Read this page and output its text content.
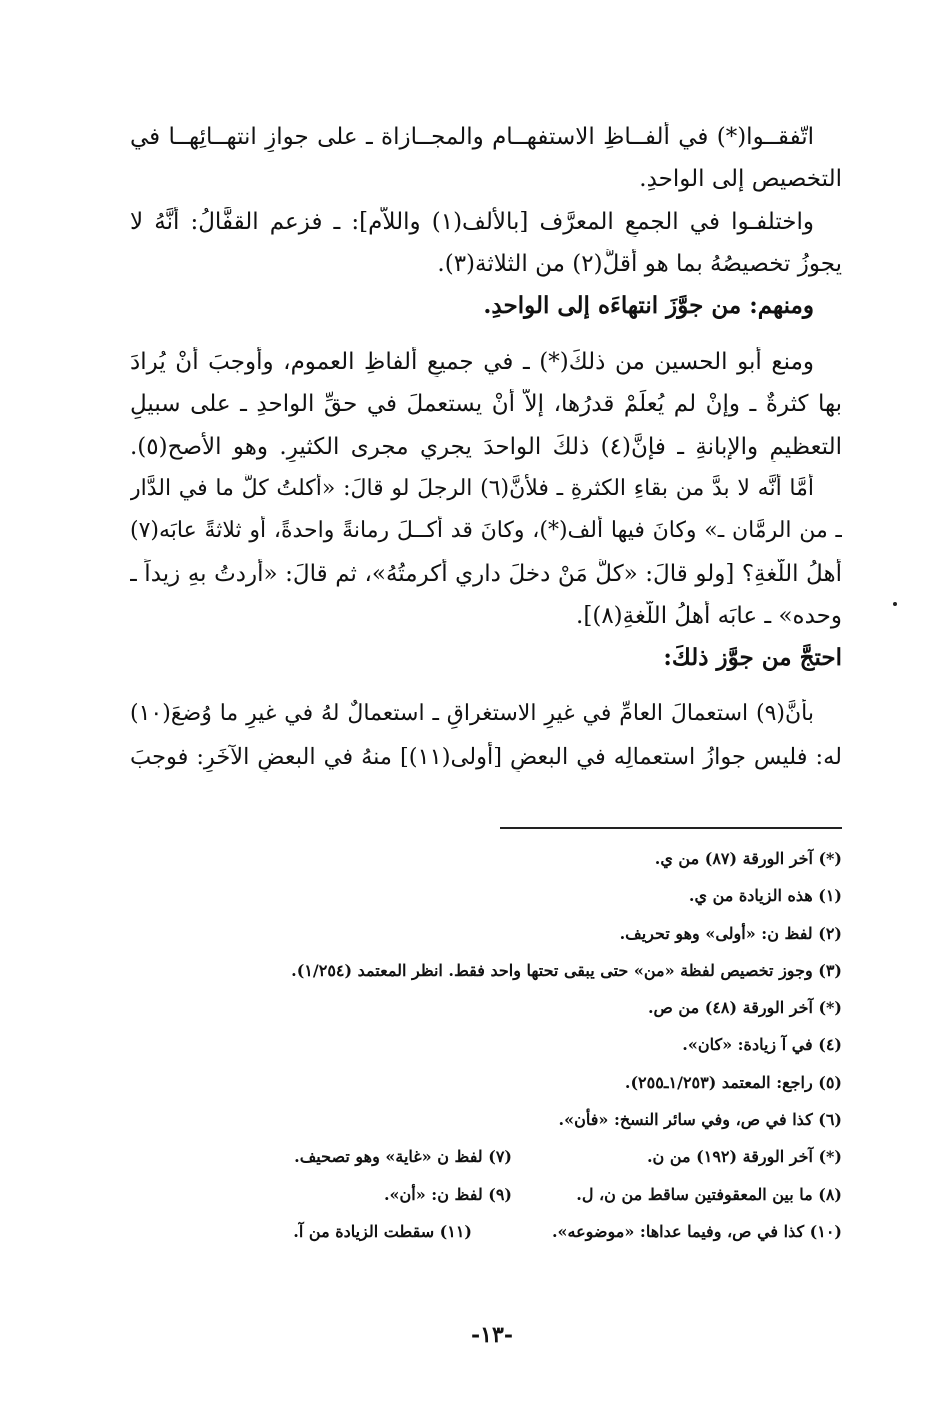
اتّفقــوا(*) في ألفــاظِ الاستفهــام والمجــازاة ـ على جوازِ انتهــائِهــا في
التخصيص إلى الواحدِ.
واختلفـوا في الجمعِ المعرَّف [بالألف(١) واللاَّم]: ـ فزعم القفَّالُ: أنَّهُ لا
يجوزُ تخصيصُهُ بما هو أقلُّ(٢) من الثلاثة(٣).
ومنهم: من جوَّزَ انتهاءَه إلى الواحدِ.
ومنع أبو الحسين من ذلكَ(*) ـ في جميعِ ألفاظِ العموم، وأوجبَ أنْ يُرادَ
بها كثرةٌ ـ وإنْ لم يُعلَمْ قدرُها، إلاَّ أنْ يستعملَ في حقِّ الواحدِ ـ على سبيلِ
التعظيمِ والإبانةِ ـ فإنَّ(٤) ذلكَ الواحدَ يجري مجرى الكثيرِ. وهو الأصح(٥).
أمَّا أنَّه لا بدَّ من بقاءِ الكثرةِ ـ فلأنَّ(٦) الرجلَ لو قالَ: «أكلتُ كلَّ ما في الدَّار
ـ من الرمَّان ـ» وكانَ فيها ألف(*)، وكانَ قد أكــلَ رمانةً واحدةً، أو ثلاثةً عابَه(٧)
أهلُ اللُّغةِ؟ [ولو قالَ: «كلُّ مَنْ دخلَ داري أكرمتُهُ»، ثم قالَ: «أردتُ بهِ زيداً ـ
وحده» ـ عابَه أهلُ اللُّغةِ(٨)].
احتجَّ من جوَّز ذلكَ:
بأنَّ(٩) استعمالَ العامِّ في غيرِ الاستغراقِ ـ استعمالٌ لهُ في غيرِ ما وُضعَ(١٠)
له: فليس جوازُ استعمالِه في البعضِ [أولى(١١)] منهُ في البعضِ الآخَرِ: فوجبَ
(*) آخر الورقة (٨٧) من ي.
(١) هذه الزيادة من ي.
(٢) لفظ ن: «أولى» وهو تحريف.
(٣) وجوز تخصيص لفظة «من» حتى يبقى تحتها واحد فقط. انظر المعتمد (١/٢٥٤).
(*) آخر الورقة (٤٨) من ص.
(٤) في آ زيادة: «كان».
(٥) راجع: المعتمد (١/٢٥٣ـ٢٥٥).
(٦) كذا في ص، وفي سائر النسخ: «فأن».
(*) آخر الورقة (١٩٢) من ن.
(٧) لفظ ن «غاية» وهو تصحيف.
(٨) ما بين المعقوفتين ساقط من ن، ل.
(٩) لفظ ن: «أن».
(١٠) كذا في ص، وفيما عداها: «موضوعه».
(١١) سقطت الزيادة من آ.
-١٣-
